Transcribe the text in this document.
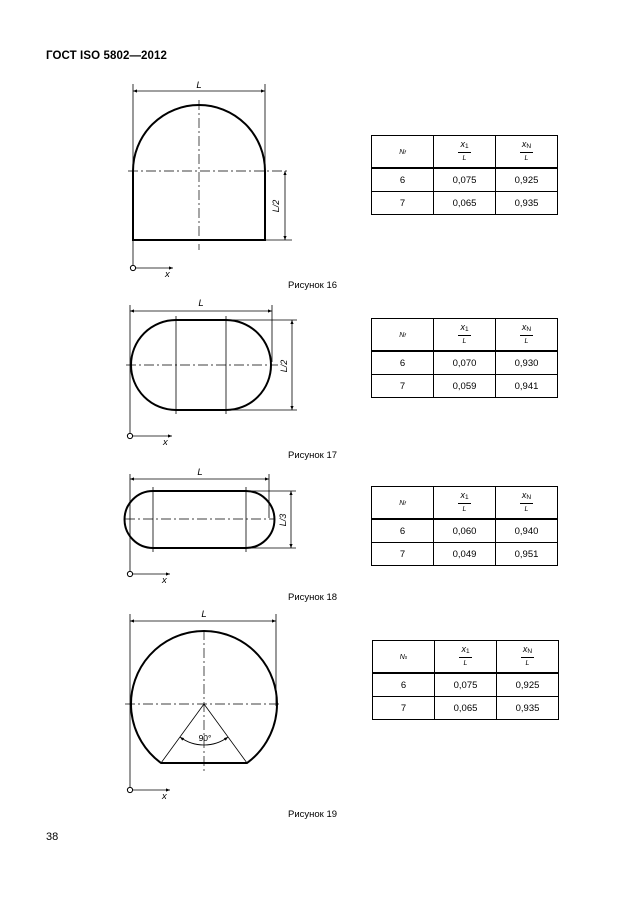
ГОСТ ISO 5802—2012
L
L/2
x
Nf	$\frac{x1}{L}$	$\frac{xN}{L}$

6	0,075	0,925
7	0,065	0,935
Рисунок 16
L
L/2
x
Nf	$\frac{x1}{L}$	$\frac{xN}{L}$

6	0,070	0,930
7	0,059	0,941
Рисунок 17
L
L/3
x
Nf	$\frac{x1}{L}$	$\frac{xN}{L}$

6	0,060	0,940
7	0,049	0,951
Рисунок 18
L
90°
x
Ns	$\frac{x1}{L}$	$\frac{xN}{L}$

6	0,075	0,925
7	0,065	0,935
Рисунок 19
38
